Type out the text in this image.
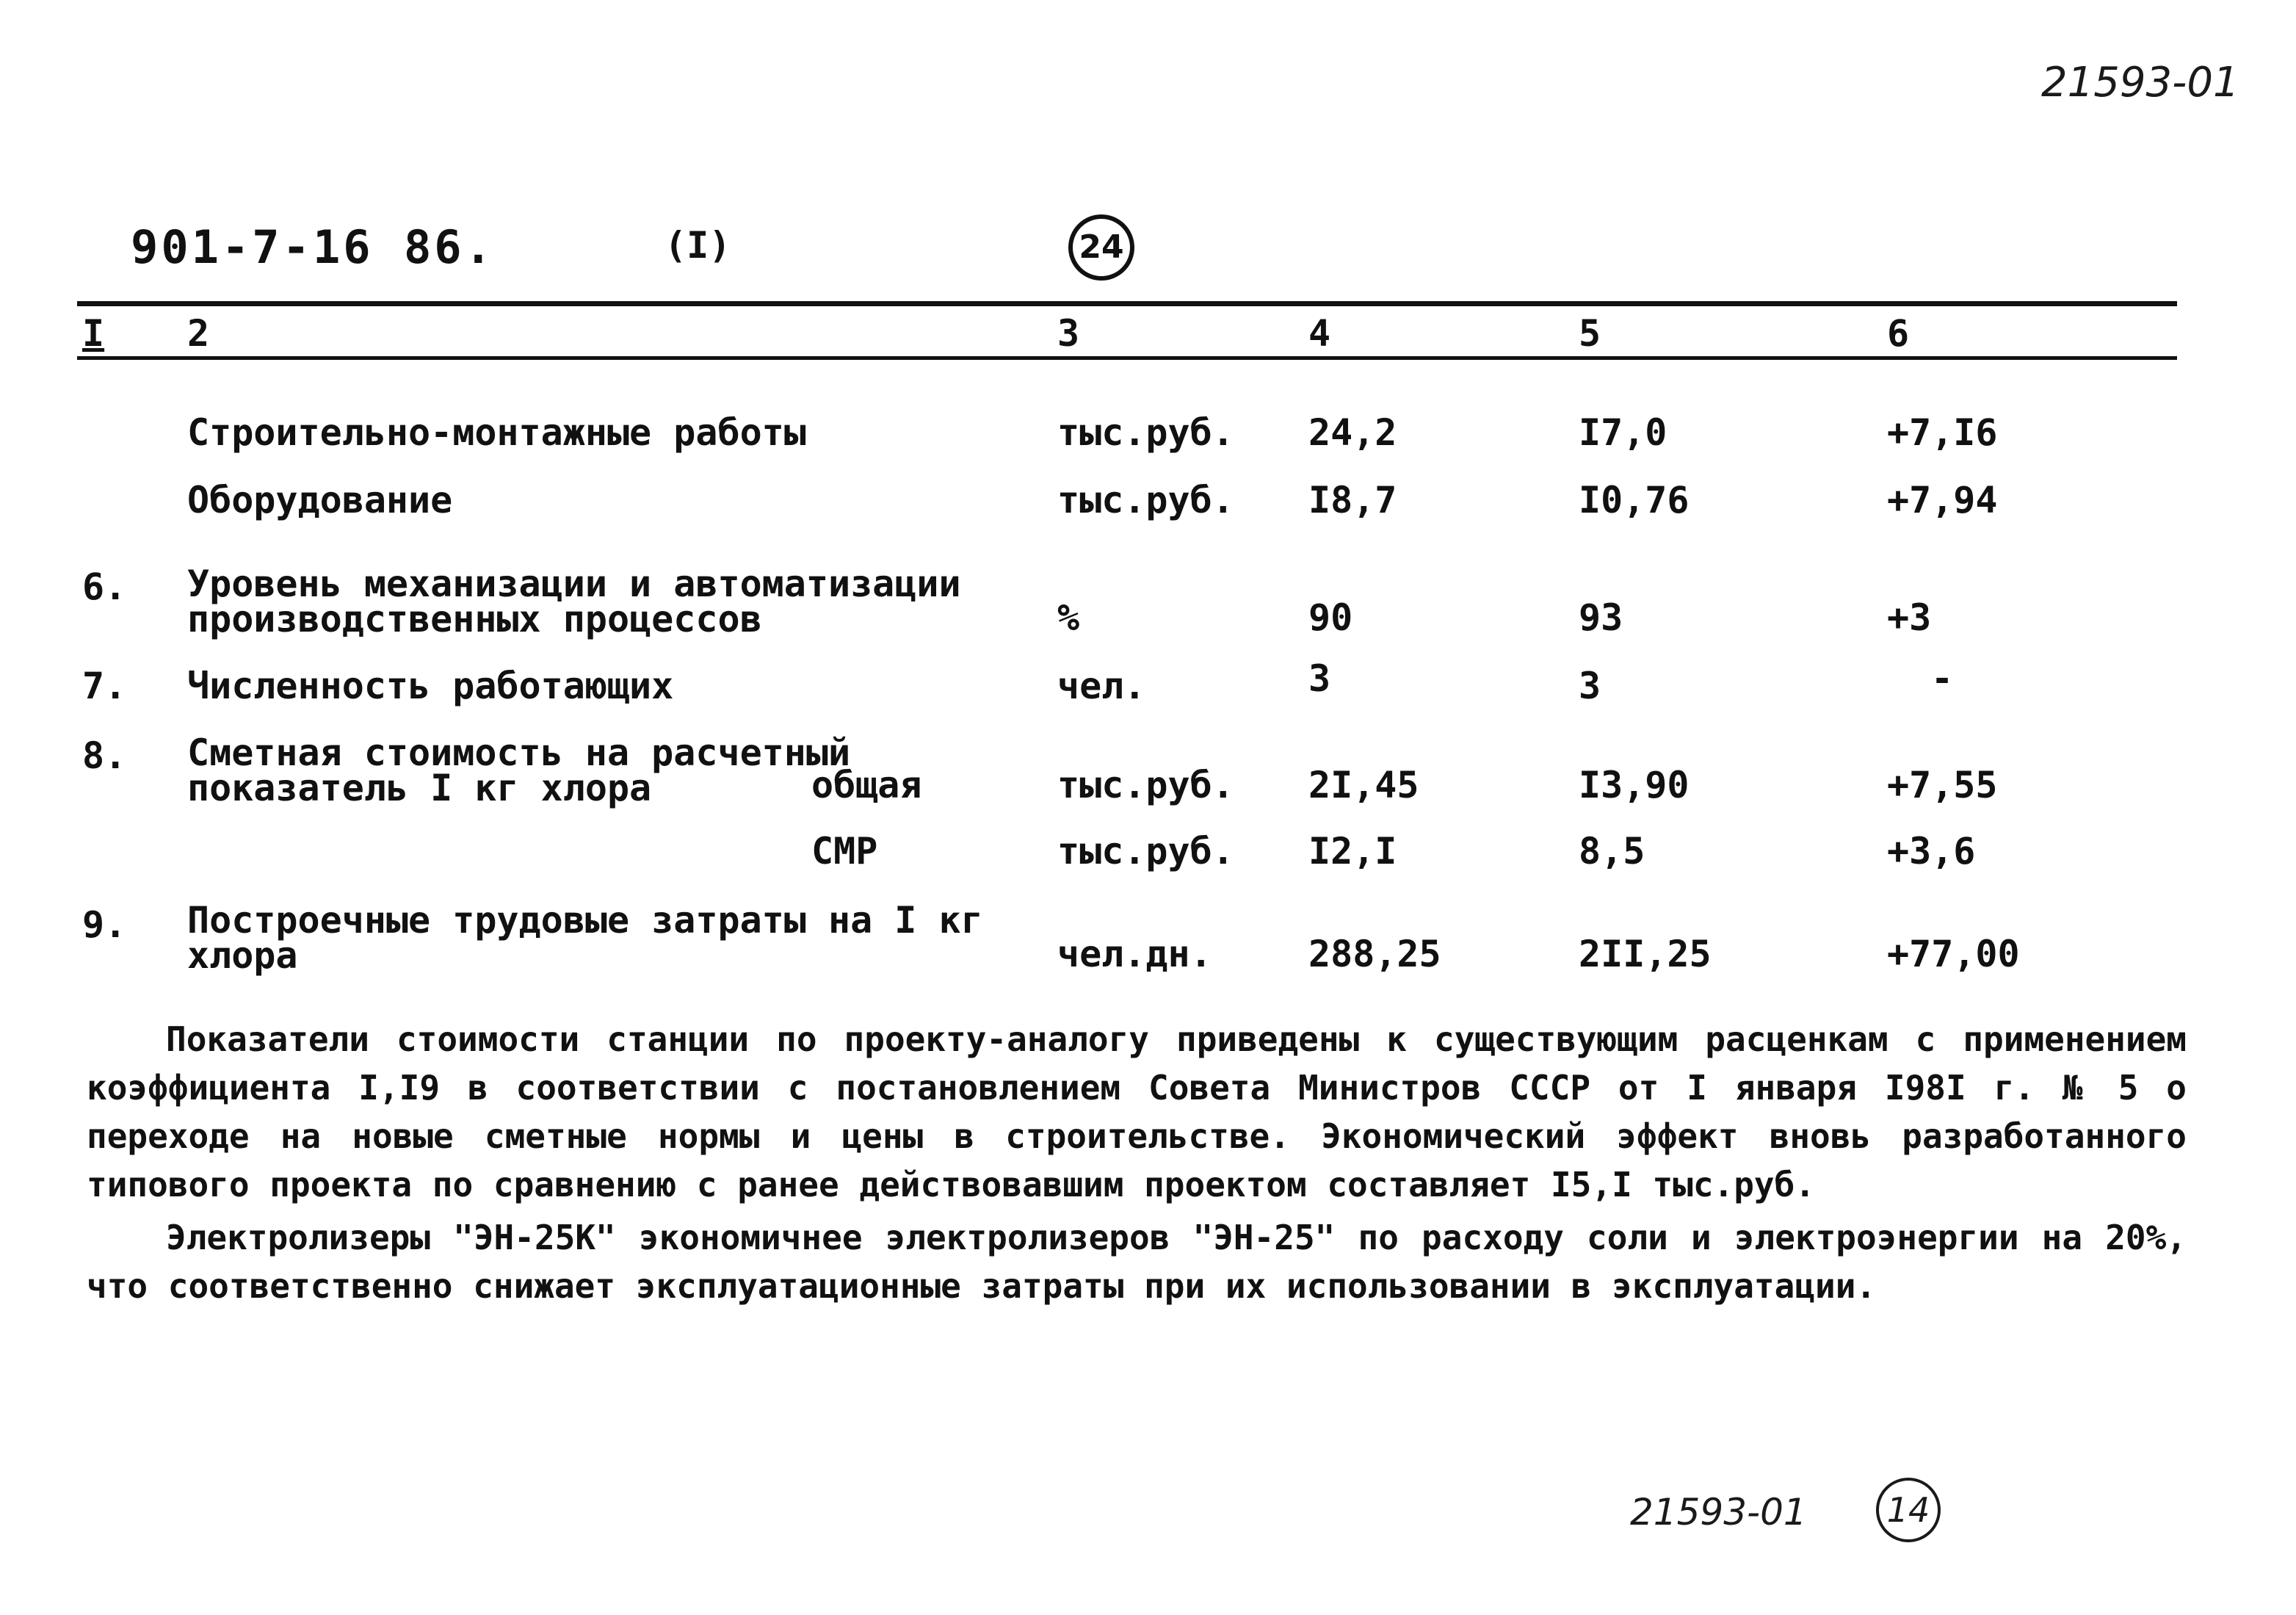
21593-01
901-7-16 86.	(I)	24
I 2	3	4	5	6
Строительно-монтажные работы	тыс.руб. 24,2	I7,0	+7,I6
Оборудование	тыс.руб. I8,7	I0,76	+7,94
6. Уровень механизации и автоматизации
производственных процессов	%	90	93	+3
7. Численность работающих	чел.	3	3	-
8. Сметная стоимость на расчетный
показатель I кг хлора	общая	тыс.руб. 2I,45	I3,90	+7,55
СМР	тыс.руб. I2,I	8,5	+3,6
9. Построечные трудовые затраты на I кг
хлора	чел.дн.	288,25	2II,25	+77,00

Показатели стоимости станции по проекту-аналогу приведены к существующим расценкам с применением коэффициента I,I9 в соответствии с постановлением Совета Министров СССР от I января I98I г. № 5 о переходе на новые сметные нормы и цены в строительстве. Экономический эффект вновь разработанного типового проекта по сравнению с ранее действовавшим проектом составляет I5,I тыс.руб.

Электролизеры "ЭН-25К" экономичнее электролизеров "ЭН-25" по расходу соли и электроэнергии на 20%, что соответственно снижает эксплуатационные затраты при их использовании в эксплуатации.

21593-01	14
